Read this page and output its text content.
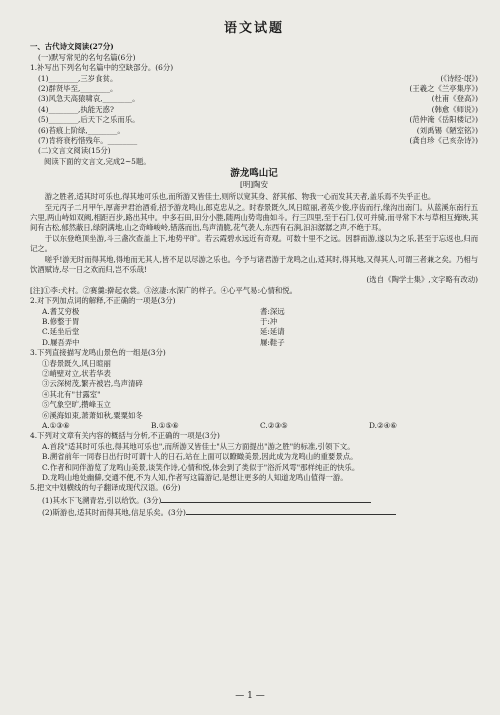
语文试题
一、古代诗文阅读(27分)
(一)默写常见的名句名篇(6分)
1.补写出下列名句名篇中的空缺部分。(6分)
(1)________,三岁食贫。	(《诗经·氓》)
(2)群贤毕至,________。	(王羲之《兰亭集序》)
(3)风急天高猿啸哀,________。	(杜甫《登高》)
(4)________,执能无惑?	(韩愈《师说》)
(5)________,后天下之乐而乐。	(范仲淹《岳阳楼记》)
(6)苔痕上阶绿,________。	(刘禹锡《陋室铭》)
(7)肯将衰朽惜残年。________	(龚自珍《己亥杂诗》)
(二)文言文阅读(15分)
阅读下面的文言文,完成2~5题。
游龙鸣山记
[明]陶安
游之胜者,适其时可乐也,得其地可乐也,而所游又皆佳士,则所以宽其身、舒其郁、物我一心而发其天者,盖乐焉不失乎正也。
至元丙子二月甲午,厚斋尹君治酒肴,招予游龙鸣山,郎克忠从之。时春景既久,风日暄丽,者英少俊,序齿而行,缘沟出南门。从蓝溪东南行五六里,两山峙如双阙,相距百步,路出其中。中多石田,田分小塍,随两山势弯曲如斗。行三四里,至于石门,仅可并骑,而寻常下木与草相互掩映,其间有古松,郁然蔽日,绿阴满地,山之奇峰峻岭,错落而出,鸟声清脆,花气袭人,东西有石涧,汩汩潺潺之声,不绝于耳。
于以东登绝顶坐游,斗三盏次查盖上下,地势平旷。若云霞碧水远近有奇观。可数十里不之远。因群而游,遂以为之乐,甚至于忘返也,归而记之。
嗟乎!游无时而得其地,得地而无其人,皆不足以尽游之乐也。今予与诸君游于龙鸣之山,适其时,得其地,又得其人,可谓三者兼之矣。乃相与饮酒赋诗,尽一日之欢而归,岂不乐哉!
(选自《陶学士集》,文字略有改动)
[注]①李:犬村。②赛羹:擀起衣裳。③泫凄:水深广的样子。④心平气易:心情和悦。
2.对下列加点词的解释,不正确的一项是(3分)
A.耆艾穷极	耆:深远
B.修整于胃	于:冲
C.延坐后堂	延:延请
D.屦吾弄中	屦:鞋子
3.下列直接描写龙鸣山景色的一组是(3分)
①春景既久,风日暄丽
②峭壁对立,状若华表
③云深树茂,繁卉被岩,鸟声清碎
④其北有"甘露室"
⑤气象空旷,攒峰玉立
⑥溪海如束,萧萧如秋,粟粟如冬
A.①③⑥	B.①⑤⑥	C.②③⑤	D.②④⑥
4.下列对文章有关内容的概括与分析,不正确的一项是(3分)
A.首段"适其时可乐也,得其地可乐也",而所游又皆佳士"从三方面提出"游之胜"的标准,引领下文。
B.溯省前年一同春日出行时可谓十人的日石,站在上面可以瞭瞰美景,因此成为龙鸣山的重要景点。
C.作者和同伴游览了龙鸣山美景,谈笑作诗,心情和悦,体会到了类似于"浴沂风雩"那样纯正的快乐。
D.龙鸣山地处幽僻,交通不便,不为人知,作者写这篇游记,是想让更多的人知道龙鸣山值得一游。
5.把文中划横线的句子翻译成现代汉语。(6分)
(1)其水下飞溯青岩,引以给饮。(3分)
(2)斯游也,适其时而得其地,信足乐矣。(3分)
— 1 —
